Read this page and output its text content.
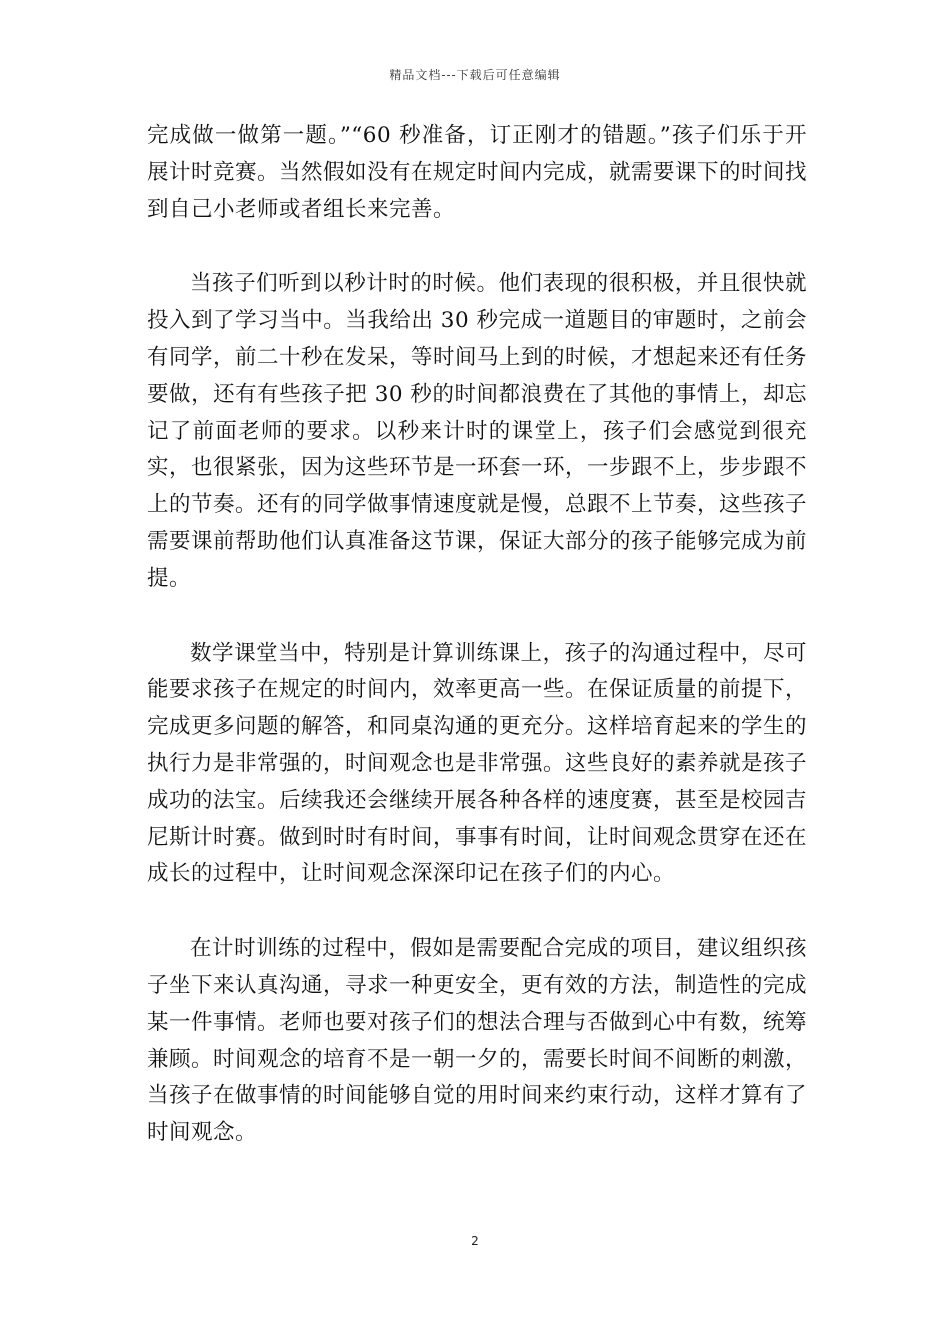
精品文档---下载后可任意编辑

完成做一做第一题。”“60 秒准备，订正刚才的错题。”孩子们乐于开展计时竞赛。当然假如没有在规定时间内完成，就需要课下的时间找到自己小老师或者组长来完善。

当孩子们听到以秒计时的时候。他们表现的很积极，并且很快就投入到了学习当中。当我给出 30 秒完成一道题目的审题时，之前会有同学，前二十秒在发呆，等时间马上到的时候，才想起来还有任务要做，还有有些孩子把 30 秒的时间都浪费在了其他的事情上，却忘记了前面老师的要求。以秒来计时的课堂上，孩子们会感觉到很充实，也很紧张，因为这些环节是一环套一环，一步跟不上，步步跟不上的节奏。还有的同学做事情速度就是慢，总跟不上节奏，这些孩子需要课前帮助他们认真准备这节课，保证大部分的孩子能够完成为前提。

数学课堂当中，特别是计算训练课上，孩子的沟通过程中，尽可能要求孩子在规定的时间内，效率更高一些。在保证质量的前提下，完成更多问题的解答，和同桌沟通的更充分。这样培育起来的学生的执行力是非常强的，时间观念也是非常强。这些良好的素养就是孩子成功的法宝。后续我还会继续开展各种各样的速度赛，甚至是校园吉尼斯计时赛。做到时时有时间，事事有时间，让时间观念贯穿在还在成长的过程中，让时间观念深深印记在孩子们的内心。

在计时训练的过程中，假如是需要配合完成的项目，建议组织孩子坐下来认真沟通，寻求一种更安全，更有效的方法，制造性的完成某一件事情。老师也要对孩子们的想法合理与否做到心中有数，统筹兼顾。时间观念的培育不是一朝一夕的，需要长时间不间断的刺激，当孩子在做事情的时间能够自觉的用时间来约束行动，这样才算有了时间观念。

2
